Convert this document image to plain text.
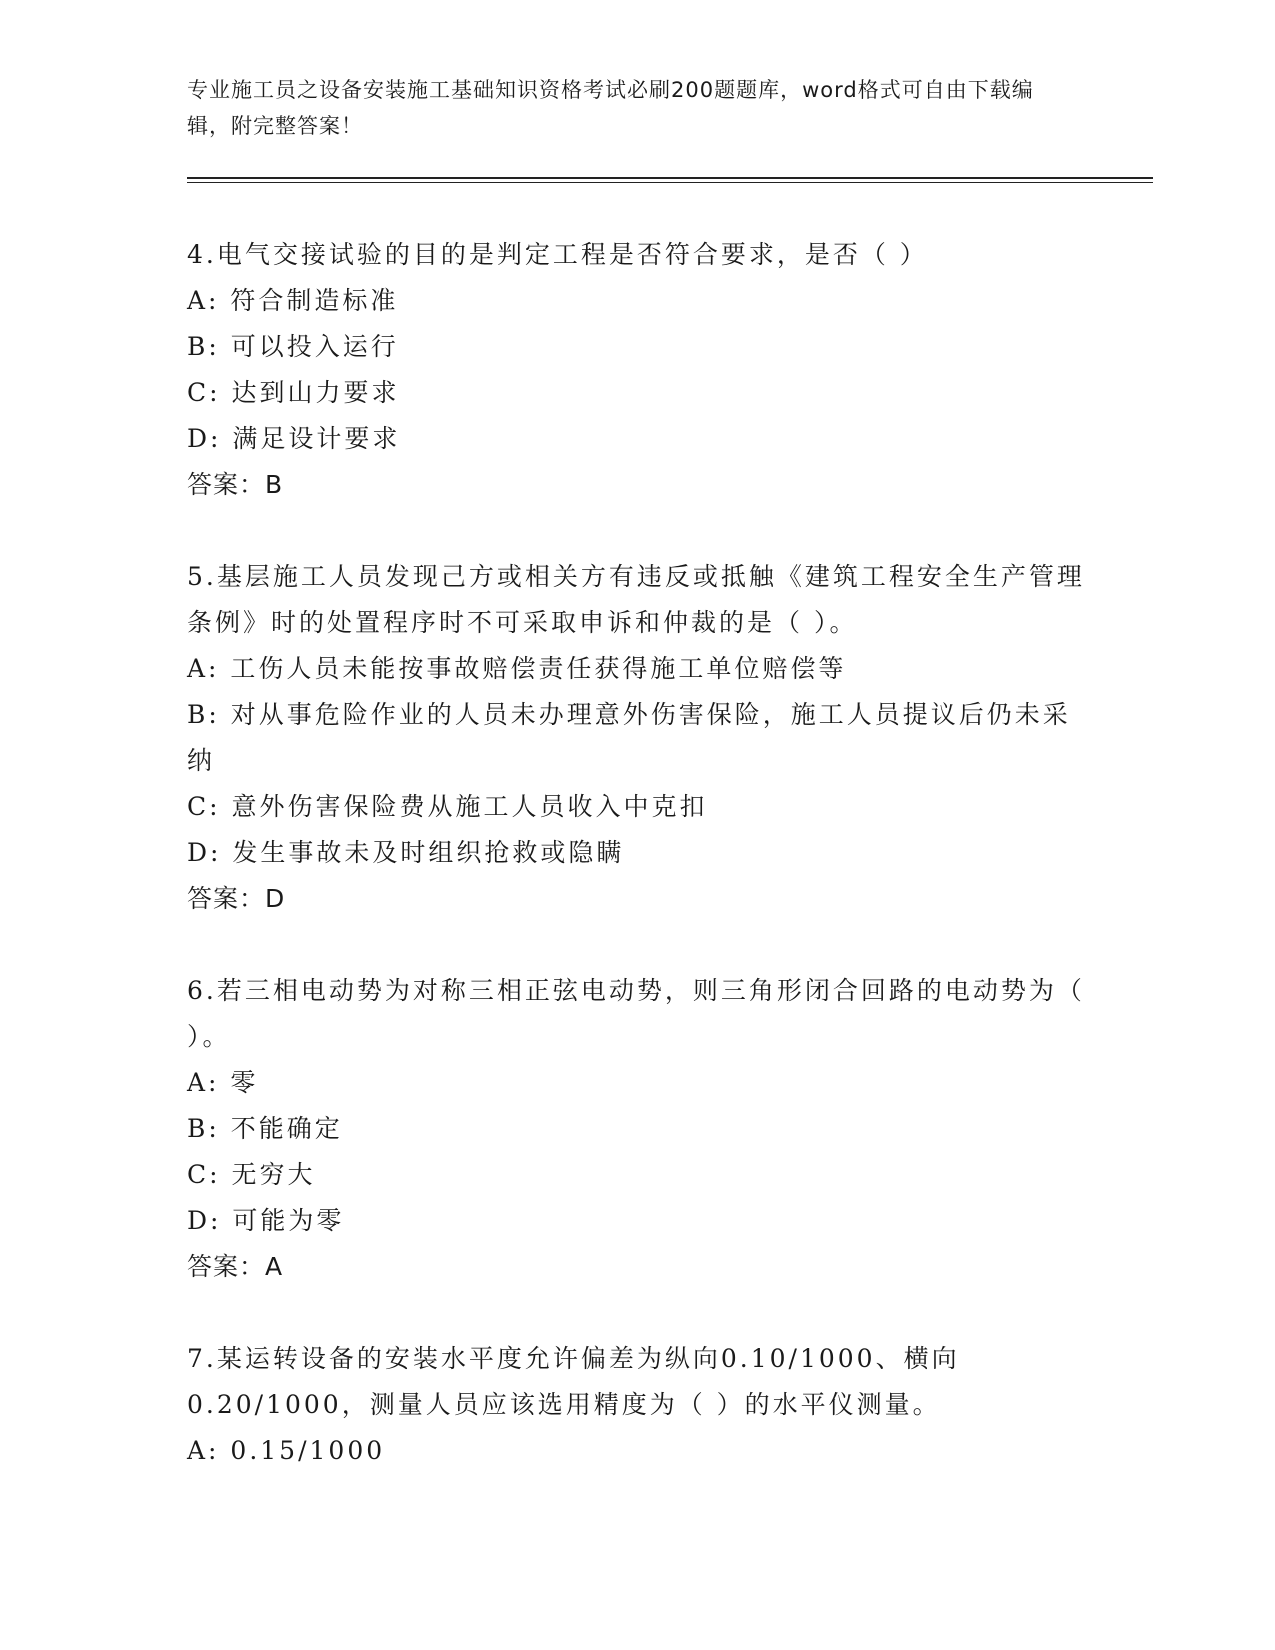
专业施工员之设备安装施工基础知识资格考试必刷200题题库，word格式可自由下载编辑，附完整答案！

4.电气交接试验的目的是判定工程是否符合要求，是否（ ）

A: 符合制造标准

B: 可以投入运行

C: 达到山力要求

D: 满足设计要求

答案：B

5.基层施工人员发现己方或相关方有违反或抵触《建筑工程安全生产管理条例》时的处置程序时不可采取申诉和仲裁的是（ ）。

A: 工伤人员未能按事故赔偿责任获得施工单位赔偿等

B: 对从事危险作业的人员未办理意外伤害保险，施工人员提议后仍未采纳

C: 意外伤害保险费从施工人员收入中克扣

D: 发生事故未及时组织抢救或隐瞒

答案：D

6.若三相电动势为对称三相正弦电动势，则三角形闭合回路的电动势为（ ）。

A: 零

B: 不能确定

C: 无穷大

D: 可能为零

答案：A

7.某运转设备的安装水平度允许偏差为纵向0.10/1000、横向0.20/1000，测量人员应该选用精度为（ ）的水平仪测量。

A: 0.15/1000
